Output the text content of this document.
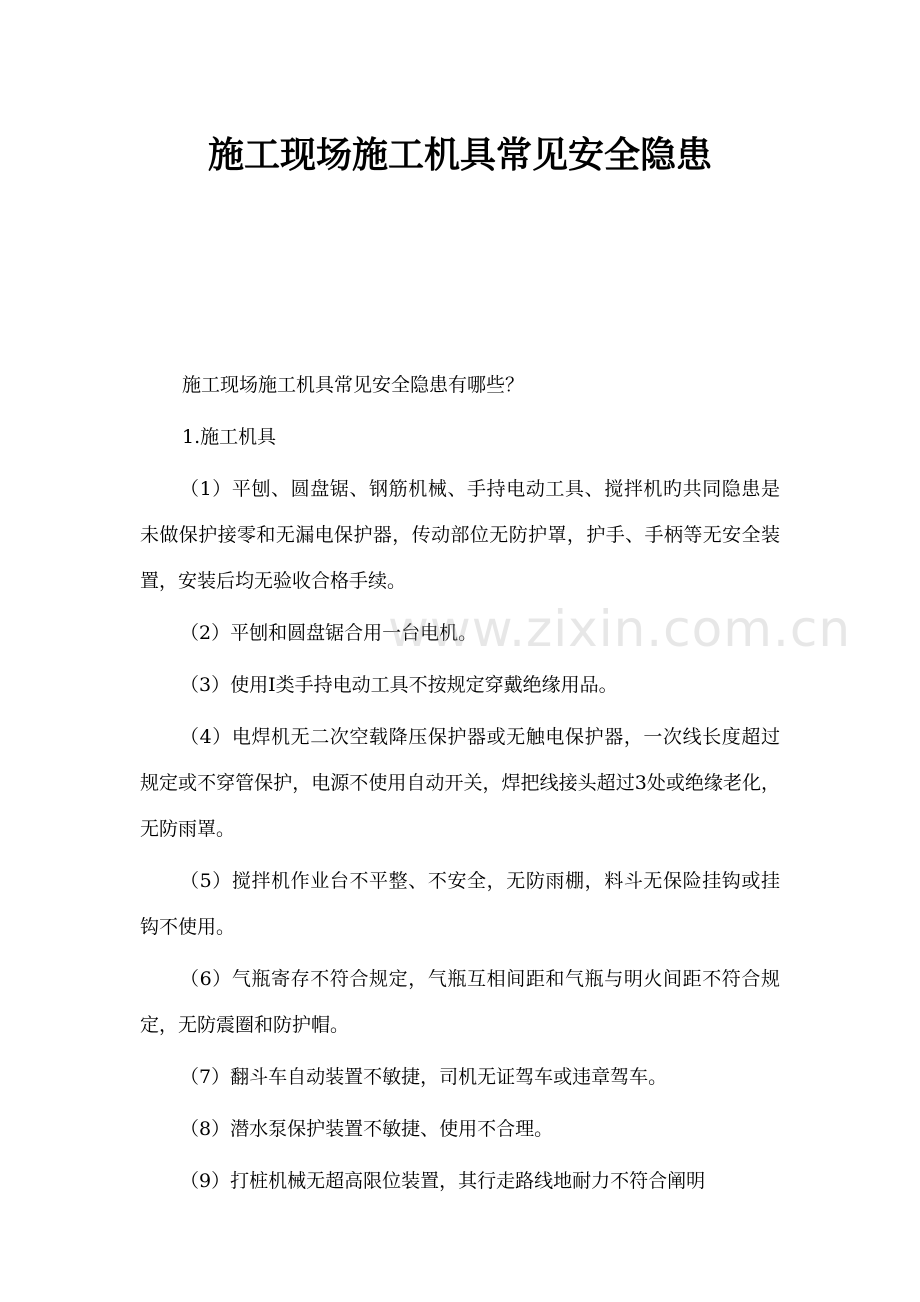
施工现场施工机具常见安全隐患

施工现场施工机具常见安全隐患有哪些？

1.施工机具

（1）平刨、圆盘锯、钢筋机械、手持电动工具、搅拌机旳共同隐患是未做保护接零和无漏电保护器，传动部位无防护罩，护手、手柄等无安全装置，安装后均无验收合格手续。

（2）平刨和圆盘锯合用一台电机。

（3）使用Ⅰ类手持电动工具不按规定穿戴绝缘用品。

（4）电焊机无二次空载降压保护器或无触电保护器，一次线长度超过规定或不穿管保护，电源不使用自动开关，焊把线接头超过3处或绝缘老化，无防雨罩。

（5）搅拌机作业台不平整、不安全，无防雨棚，料斗无保险挂钩或挂钩不使用。

（6）气瓶寄存不符合规定，气瓶互相间距和气瓶与明火间距不符合规定，无防震圈和防护帽。

（7）翻斗车自动装置不敏捷，司机无证驾车或违章驾车。

（8）潜水泵保护装置不敏捷、使用不合理。

（9）打桩机械无超高限位装置，其行走路线地耐力不符合阐明

www.zixin.com.cn
